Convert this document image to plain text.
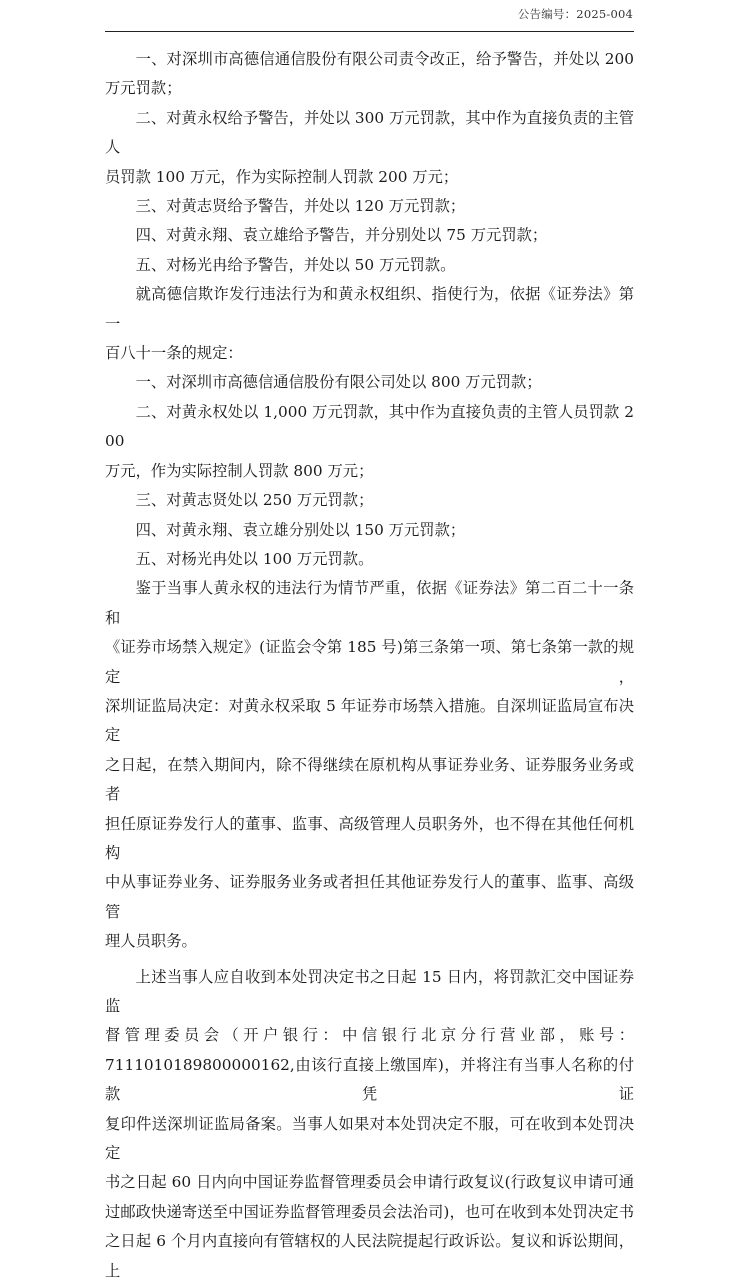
公告编号：2025-004

一、对深圳市高德信通信股份有限公司责令改正，给予警告，并处以 200
万元罚款；

二、对黄永权给予警告，并处以 300 万元罚款，其中作为直接负责的主管人
员罚款 100 万元，作为实际控制人罚款 200 万元；

三、对黄志贤给予警告，并处以 120 万元罚款；

四、对黄永翔、袁立雄给予警告，并分别处以 75 万元罚款；

五、对杨光冉给予警告，并处以 50 万元罚款。

就高德信欺诈发行违法行为和黄永权组织、指使行为，依据《证券法》第一
百八十一条的规定：

一、对深圳市高德信通信股份有限公司处以 800 万元罚款；

二、对黄永权处以 1,000 万元罚款，其中作为直接负责的主管人员罚款 200
万元，作为实际控制人罚款 800 万元；

三、对黄志贤处以 250 万元罚款；

四、对黄永翔、袁立雄分别处以 150 万元罚款；

五、对杨光冉处以 100 万元罚款。

鉴于当事人黄永权的违法行为情节严重，依据《证券法》第二百二十一条和
《证券市场禁入规定》(证监会令第 185 号)第三条第一项、第七条第一款的规定，
深圳证监局决定：对黄永权采取 5 年证券市场禁入措施。自深圳证监局宣布决定
之日起，在禁入期间内，除不得继续在原机构从事证券业务、证券服务业务或者
担任原证券发行人的董事、监事、高级管理人员职务外，也不得在其他任何机构
中从事证券业务、证券服务业务或者担任其他证券发行人的董事、监事、高级管
理人员职务。

上述当事人应自收到本处罚决定书之日起 15 日内，将罚款汇交中国证券监
督管理委员会（开户银行：中信银行北京分行营业部，账号：
7111010189800000162,由该行直接上缴国库)，并将注有当事人名称的付款凭证
复印件送深圳证监局备案。当事人如果对本处罚决定不服，可在收到本处罚决定
书之日起 60 日内向中国证券监督管理委员会申请行政复议(行政复议申请可通
过邮政快递寄送至中国证券监督管理委员会法治司)，也可在收到本处罚决定书
之日起 6 个月内直接向有管辖权的人民法院提起行政诉讼。复议和诉讼期间，上
